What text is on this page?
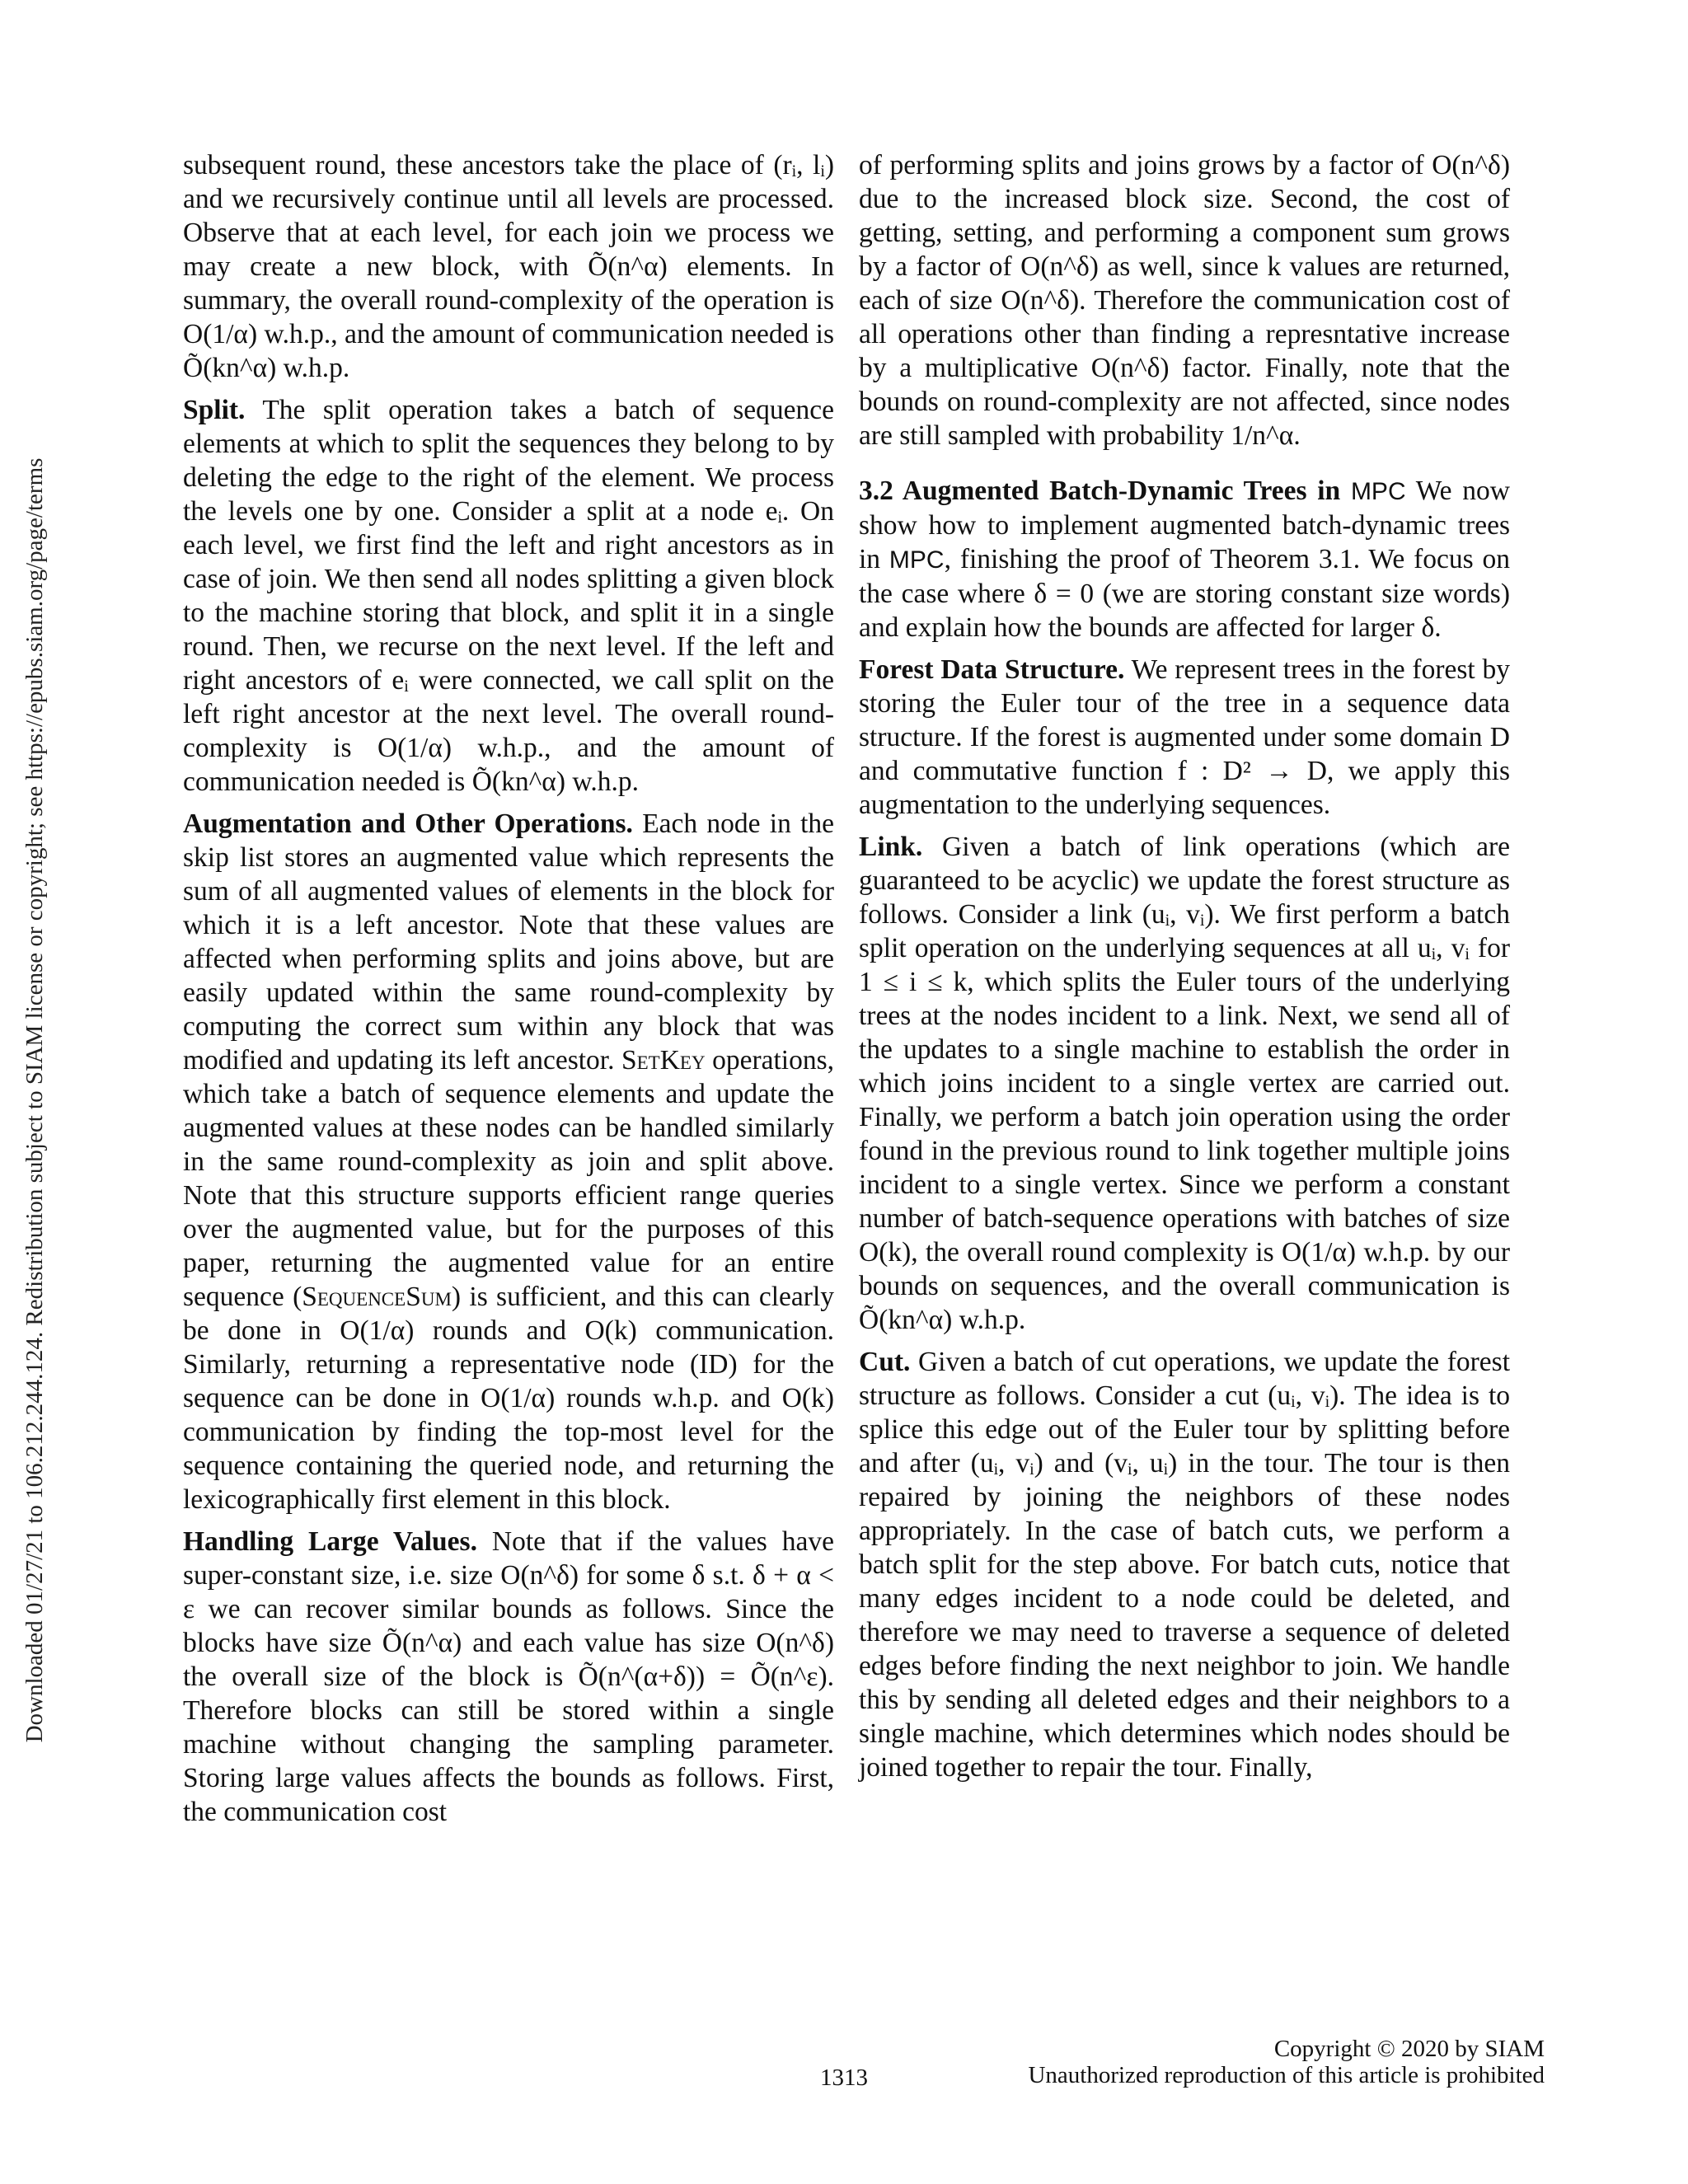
Downloaded 01/27/21 to 106.212.244.124. Redistribution subject to SIAM license or copyright; see https://epubs.siam.org/page/terms

subsequent round, these ancestors take the place of (rᵢ, lᵢ) and we recursively continue until all levels are processed. Observe that at each level, for each join we process we may create a new block, with Õ(n^α) elements. In summary, the overall round-complexity of the operation is O(1/α) w.h.p., and the amount of communication needed is Õ(kn^α) w.h.p.

Split. The split operation takes a batch of sequence elements at which to split the sequences they belong to by deleting the edge to the right of the element. We process the levels one by one. Consider a split at a node eᵢ. On each level, we first find the left and right ancestors as in case of join. We then send all nodes splitting a given block to the machine storing that block, and split it in a single round. Then, we recurse on the next level. If the left and right ancestors of eᵢ were connected, we call split on the left right ancestor at the next level. The overall round-complexity is O(1/α) w.h.p., and the amount of communication needed is Õ(kn^α) w.h.p.

Augmentation and Other Operations. Each node in the skip list stores an augmented value which represents the sum of all augmented values of elements in the block for which it is a left ancestor. Note that these values are affected when performing splits and joins above, but are easily updated within the same round-complexity by computing the correct sum within any block that was modified and updating its left ancestor. SetKey operations, which take a batch of sequence elements and update the augmented values at these nodes can be handled similarly in the same round-complexity as join and split above. Note that this structure supports efficient range queries over the augmented value, but for the purposes of this paper, returning the augmented value for an entire sequence (SequenceSum) is sufficient, and this can clearly be done in O(1/α) rounds and O(k) communication. Similarly, returning a representative node (ID) for the sequence can be done in O(1/α) rounds w.h.p. and O(k) communication by finding the top-most level for the sequence containing the queried node, and returning the lexicographically first element in this block.

Handling Large Values. Note that if the values have super-constant size, i.e. size O(n^δ) for some δ s.t. δ + α < ε we can recover similar bounds as follows. Since the blocks have size Õ(n^α) and each value has size O(n^δ) the overall size of the block is Õ(n^(α+δ)) = Õ(n^ε). Therefore blocks can still be stored within a single machine without changing the sampling parameter. Storing large values affects the bounds as follows. First, the communication cost

of performing splits and joins grows by a factor of O(n^δ) due to the increased block size. Second, the cost of getting, setting, and performing a component sum grows by a factor of O(n^δ) as well, since k values are returned, each of size O(n^δ). Therefore the communication cost of all operations other than finding a represntative increase by a multiplicative O(n^δ) factor. Finally, note that the bounds on round-complexity are not affected, since nodes are still sampled with probability 1/n^α.

3.2 Augmented Batch-Dynamic Trees in MPC We now show how to implement augmented batch-dynamic trees in MPC, finishing the proof of Theorem 3.1. We focus on the case where δ = 0 (we are storing constant size words) and explain how the bounds are affected for larger δ.

Forest Data Structure. We represent trees in the forest by storing the Euler tour of the tree in a sequence data structure. If the forest is augmented under some domain D and commutative function f : D² → D, we apply this augmentation to the underlying sequences.

Link. Given a batch of link operations (which are guaranteed to be acyclic) we update the forest structure as follows. Consider a link (uᵢ, vᵢ). We first perform a batch split operation on the underlying sequences at all uᵢ, vᵢ for 1 ≤ i ≤ k, which splits the Euler tours of the underlying trees at the nodes incident to a link. Next, we send all of the updates to a single machine to establish the order in which joins incident to a single vertex are carried out. Finally, we perform a batch join operation using the order found in the previous round to link together multiple joins incident to a single vertex. Since we perform a constant number of batch-sequence operations with batches of size O(k), the overall round complexity is O(1/α) w.h.p. by our bounds on sequences, and the overall communication is Õ(kn^α) w.h.p.

Cut. Given a batch of cut operations, we update the forest structure as follows. Consider a cut (uᵢ, vᵢ). The idea is to splice this edge out of the Euler tour by splitting before and after (uᵢ, vᵢ) and (vᵢ, uᵢ) in the tour. The tour is then repaired by joining the neighbors of these nodes appropriately. In the case of batch cuts, we perform a batch split for the step above. For batch cuts, notice that many edges incident to a node could be deleted, and therefore we may need to traverse a sequence of deleted edges before finding the next neighbor to join. We handle this by sending all deleted edges and their neighbors to a single machine, which determines which nodes should be joined together to repair the tour. Finally,

1313
Copyright © 2020 by SIAM
Unauthorized reproduction of this article is prohibited
